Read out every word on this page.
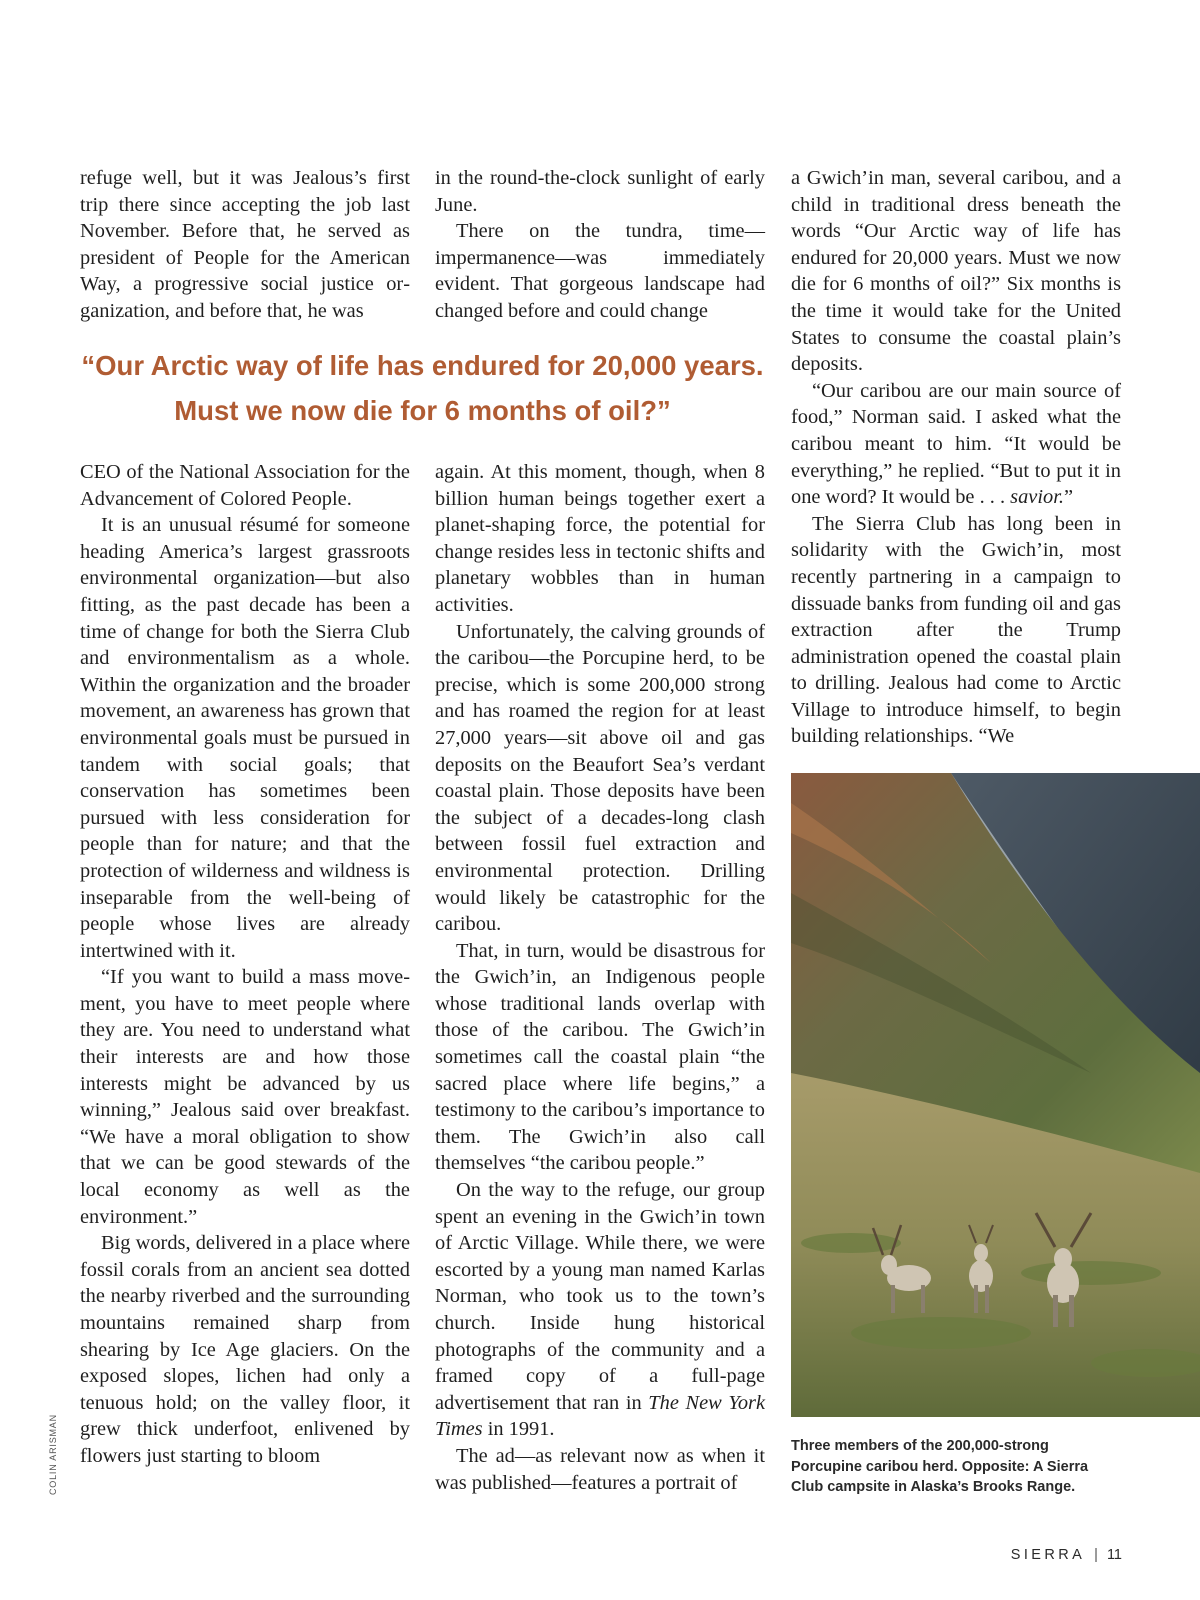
refuge well, but it was Jealous’s first trip there since accepting the job last November. Before that, he served as president of People for the American Way, a progressive social justice organization, and before that, he was

in the round-the-clock sunlight of early June.

There on the tundra, time—impermanence—was immediately evident. That gorgeous landscape had changed before and could change

“Our Arctic way of life has endured for 20,000 years. Must we now die for 6 months of oil?”

CEO of the National Association for the Advancement of Colored People.

It is an unusual résumé for someone heading America’s largest grassroots environmental organization—but also fitting, as the past decade has been a time of change for both the Sierra Club and environmentalism as a whole. Within the organization and the broader movement, an awareness has grown that environmental goals must be pursued in tandem with social goals; that conservation has sometimes been pursued with less consideration for people than for nature; and that the protection of wilderness and wildness is inseparable from the well-being of people whose lives are already intertwined with it.

“If you want to build a mass movement, you have to meet people where they are. You need to understand what their interests are and how those interests might be advanced by us winning,” Jealous said over breakfast. “We have a moral obligation to show that we can be good stewards of the local economy as well as the environment.”

Big words, delivered in a place where fossil corals from an ancient sea dotted the nearby riverbed and the surrounding mountains remained sharp from shearing by Ice Age glaciers. On the exposed slopes, lichen had only a tenuous hold; on the valley floor, it grew thick underfoot, enlivened by flowers just starting to bloom

again. At this moment, though, when 8 billion human beings together exert a planet-shaping force, the potential for change resides less in tectonic shifts and planetary wobbles than in human activities.

Unfortunately, the calving grounds of the caribou—the Porcupine herd, to be precise, which is some 200,000 strong and has roamed the region for at least 27,000 years—sit above oil and gas deposits on the Beaufort Sea’s verdant coastal plain. Those deposits have been the subject of a decades-long clash between fossil fuel extraction and environmental protection. Drilling would likely be catastrophic for the caribou.

That, in turn, would be disastrous for the Gwich’in, an Indigenous people whose traditional lands overlap with those of the caribou. The Gwich’in sometimes call the coastal plain “the sacred place where life begins,” a testimony to the caribou’s importance to them. The Gwich’in also call themselves “the caribou people.”

On the way to the refuge, our group spent an evening in the Gwich’in town of Arctic Village. While there, we were escorted by a young man named Karlas Norman, who took us to the town’s church. Inside hung historical photographs of the community and a framed copy of a full-page advertisement that ran in The New York Times in 1991.

The ad—as relevant now as when it was published—features a portrait of

a Gwich’in man, several caribou, and a child in traditional dress beneath the words “Our Arctic way of life has endured for 20,000 years. Must we now die for 6 months of oil?” Six months is the time it would take for the United States to consume the coastal plain’s deposits.

“Our caribou are our main source of food,” Norman said. I asked what the caribou meant to him. “It would be everything,” he replied. “But to put it in one word? It would be . . . savior.”

The Sierra Club has long been in solidarity with the Gwich’in, most recently partnering in a campaign to dissuade banks from funding oil and gas extraction after the Trump administration opened the coastal plain to drilling. Jealous had come to Arctic Village to introduce himself, to begin building relationships. “We

Three members of the 200,000-strong Porcupine caribou herd. Opposite: A Sierra Club campsite in Alaska’s Brooks Range.
COLIN ARISMAN
SIERRA | 11
